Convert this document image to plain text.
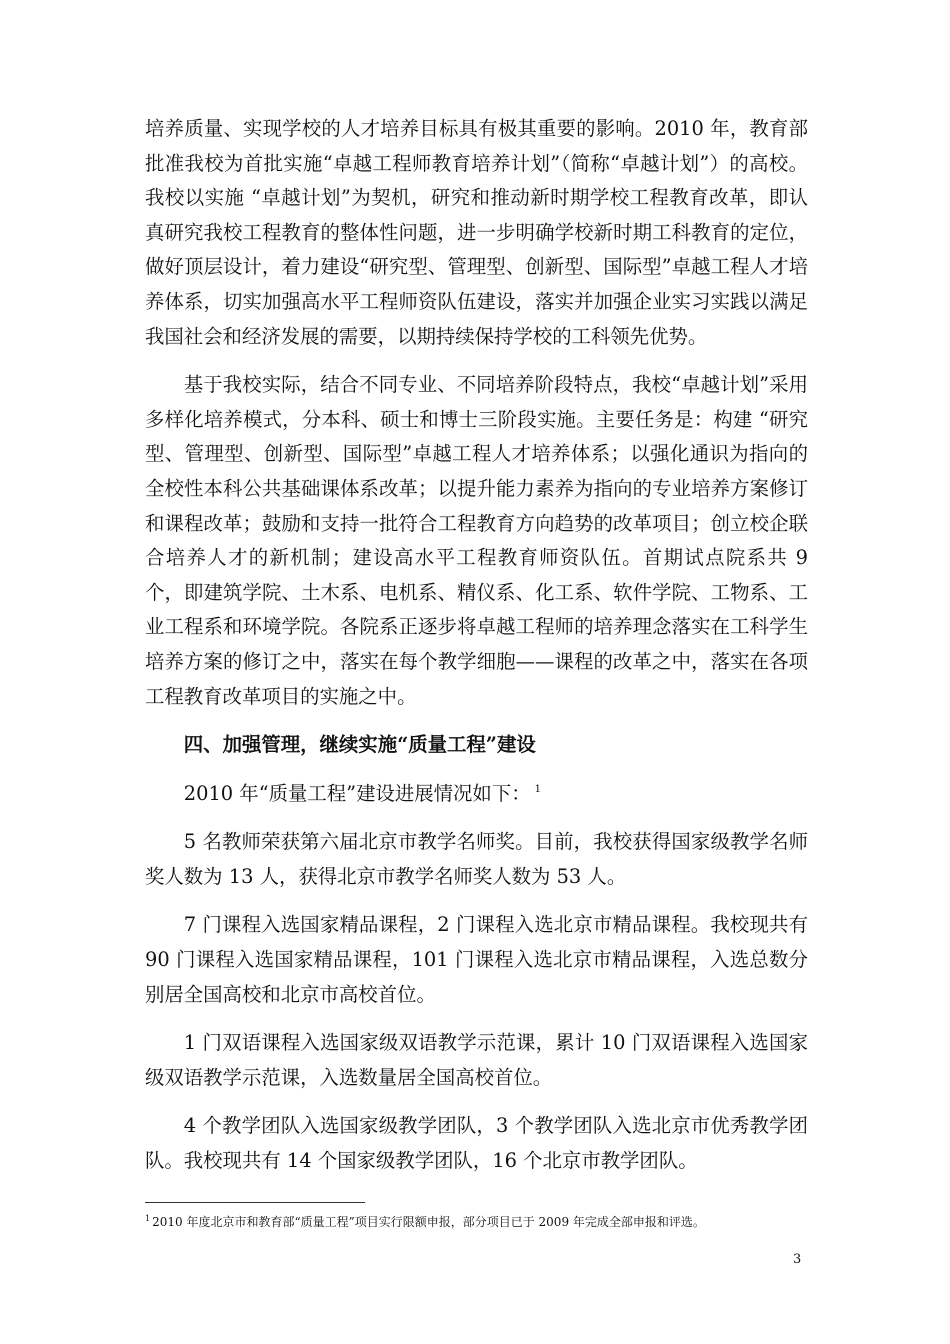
培养质量、实现学校的人才培养目标具有极其重要的影响。2010 年，教育部批准我校为首批实施“卓越工程师教育培养计划”（简称“卓越计划”）的高校。我校以实施 “卓越计划”为契机，研究和推动新时期学校工程教育改革，即认真研究我校工程教育的整体性问题，进一步明确学校新时期工科教育的定位，做好顶层设计，着力建设“研究型、管理型、创新型、国际型”卓越工程人才培养体系，切实加强高水平工程师资队伍建设，落实并加强企业实习实践以满足我国社会和经济发展的需要，以期持续保持学校的工科领先优势。

基于我校实际，结合不同专业、不同培养阶段特点，我校“卓越计划”采用多样化培养模式，分本科、硕士和博士三阶段实施。主要任务是：构建 “研究型、管理型、创新型、国际型”卓越工程人才培养体系；以强化通识为指向的全校性本科公共基础课体系改革；以提升能力素养为指向的专业培养方案修订和课程改革；鼓励和支持一批符合工程教育方向趋势的改革项目；创立校企联合培养人才的新机制；建设高水平工程教育师资队伍。首期试点院系共 9 个，即建筑学院、土木系、电机系、精仪系、化工系、软件学院、工物系、工业工程系和环境学院。各院系正逐步将卓越工程师的培养理念落实在工科学生培养方案的修订之中，落实在每个教学细胞——课程的改革之中，落实在各项工程教育改革项目的实施之中。

四、加强管理，继续实施“质量工程”建设

2010 年“质量工程”建设进展情况如下： $^1$

5 名教师荣获第六届北京市教学名师奖。目前，我校获得国家级教学名师奖人数为 13 人，获得北京市教学名师奖人数为 53 人。

7 门课程入选国家精品课程，2 门课程入选北京市精品课程。我校现共有 90 门课程入选国家精品课程，101 门课程入选北京市精品课程，入选总数分别居全国高校和北京市高校首位。

1 门双语课程入选国家级双语教学示范课，累计 10 门双语课程入选国家级双语教学示范课，入选数量居全国高校首位。

4 个教学团队入选国家级教学团队，3 个教学团队入选北京市优秀教学团队。我校现共有 14 个国家级教学团队，16 个北京市教学团队。

$^1$ 2010 年度北京市和教育部“质量工程”项目实行限额申报，部分项目已于 2009 年完成全部申报和评选。
3
